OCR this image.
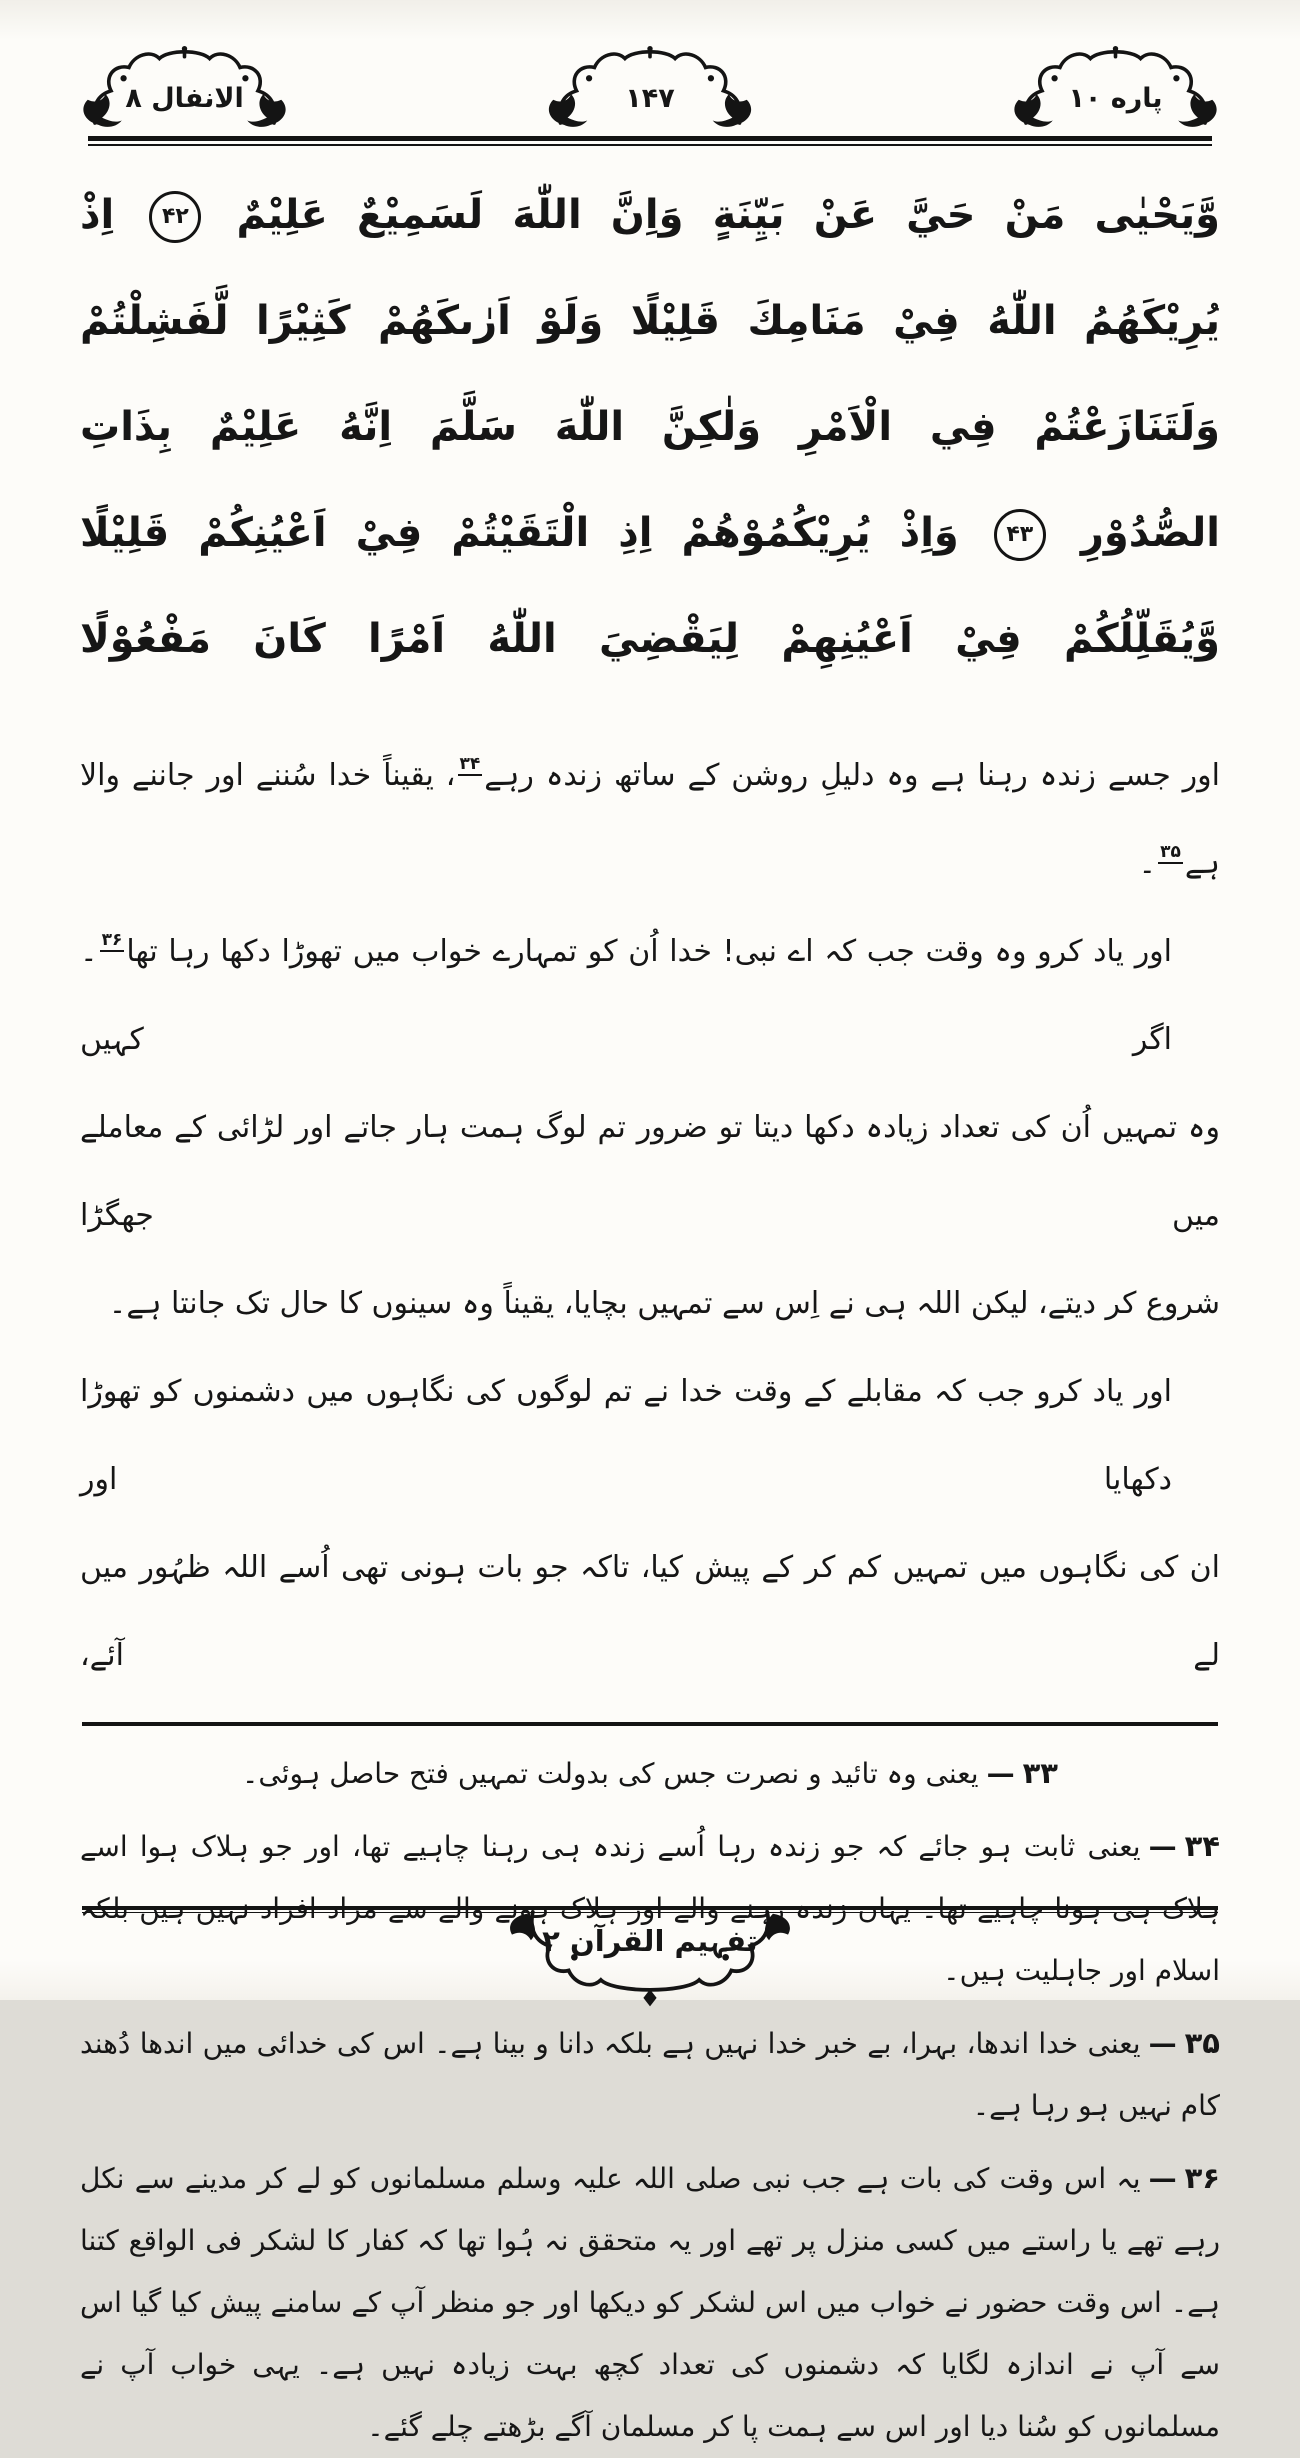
پاره ۱۰
۱۴۷
الانفال ۸
وَّيَحْيٰى مَنْ حَيَّ عَنْ بَيِّنَةٍ وَاِنَّ اللّٰهَ لَسَمِيْعٌ عَلِيْمٌ ۴۲ اِذْ
يُرِيْكَهُمُ اللّٰهُ فِيْ مَنَامِكَ قَلِيْلًا وَلَوْ اَرٰىكَهُمْ كَثِيْرًا لَّفَشِلْتُمْ
وَلَتَنَازَعْتُمْ فِي الْاَمْرِ وَلٰكِنَّ اللّٰهَ سَلَّمَ اِنَّهُ عَلِيْمٌ بِذَاتِ
الصُّدُوْرِ ۴۳ وَاِذْ يُرِيْكُمُوْهُمْ اِذِ الْتَقَيْتُمْ فِيْ اَعْيُنِكُمْ قَلِيْلًا
وَّيُقَلِّلُكُمْ فِيْ اَعْيُنِهِمْ لِيَقْضِيَ اللّٰهُ اَمْرًا كَانَ مَفْعُوْلًا
اور جسے زندہ رہنا ہے وہ دلیلِ روشن کے ساتھ زندہ رہے۳۴، یقیناً خدا سُننے اور جاننے والا ہے۳۵۔
اور یاد کرو وہ وقت جب کہ اے نبی! خدا اُن کو تمہارے خواب میں تھوڑا دکھا رہا تھا۳۶۔ اگر کہیں
وہ تمہیں اُن کی تعداد زیادہ دکھا دیتا تو ضرور تم لوگ ہمت ہار جاتے اور لڑائی کے معاملے میں جھگڑا
شروع کر دیتے، لیکن اللہ ہی نے اِس سے تمہیں بچایا، یقیناً وہ سینوں کا حال تک جانتا ہے۔
اور یاد کرو جب کہ مقابلے کے وقت خدا نے تم لوگوں کی نگاہوں میں دشمنوں کو تھوڑا دکھایا اور
ان کی نگاہوں میں تمہیں کم کر کے پیش کیا، تاکہ جو بات ہونی تھی اُسے اللہ ظہُور میں لے آئے،
۳۳—یعنی وہ تائید و نصرت جس کی بدولت تمہیں فتح حاصل ہوئی۔
۳۴—یعنی ثابت ہو جائے کہ جو زندہ رہا اُسے زندہ ہی رہنا چاہیے تھا، اور جو ہلاک ہوا اسے ہلاک ہی ہونا چاہیے تھا۔ یہاں زندہ رہنے والے اور ہلاک ہونے والے سے مراد افراد نہیں ہیں بلکہ اسلام اور جاہلیت ہیں۔
۳۵—یعنی خدا اندھا، بہرا، بے خبر خدا نہیں ہے بلکہ دانا و بینا ہے۔ اس کی خدائی میں اندھا دُھند کام نہیں ہو رہا ہے۔
۳۶—یہ اس وقت کی بات ہے جب نبی صلی اللہ علیہ وسلم مسلمانوں کو لے کر مدینے سے نکل رہے تھے یا راستے میں کسی منزل پر تھے اور یہ متحقق نہ ہُوا تھا کہ کفار کا لشکر فی الواقع کتنا ہے۔ اس وقت حضور نے خواب میں اس لشکر کو دیکھا اور جو منظر آپ کے سامنے پیش کیا گیا اس سے آپ نے اندازہ لگایا کہ دشمنوں کی تعداد کچھ بہت زیادہ نہیں ہے۔ یہی خواب آپ نے مسلمانوں کو سُنا دیا اور اس سے ہمت پا کر مسلمان آگے بڑھتے چلے گئے۔
تفہیم القرآن ۲
